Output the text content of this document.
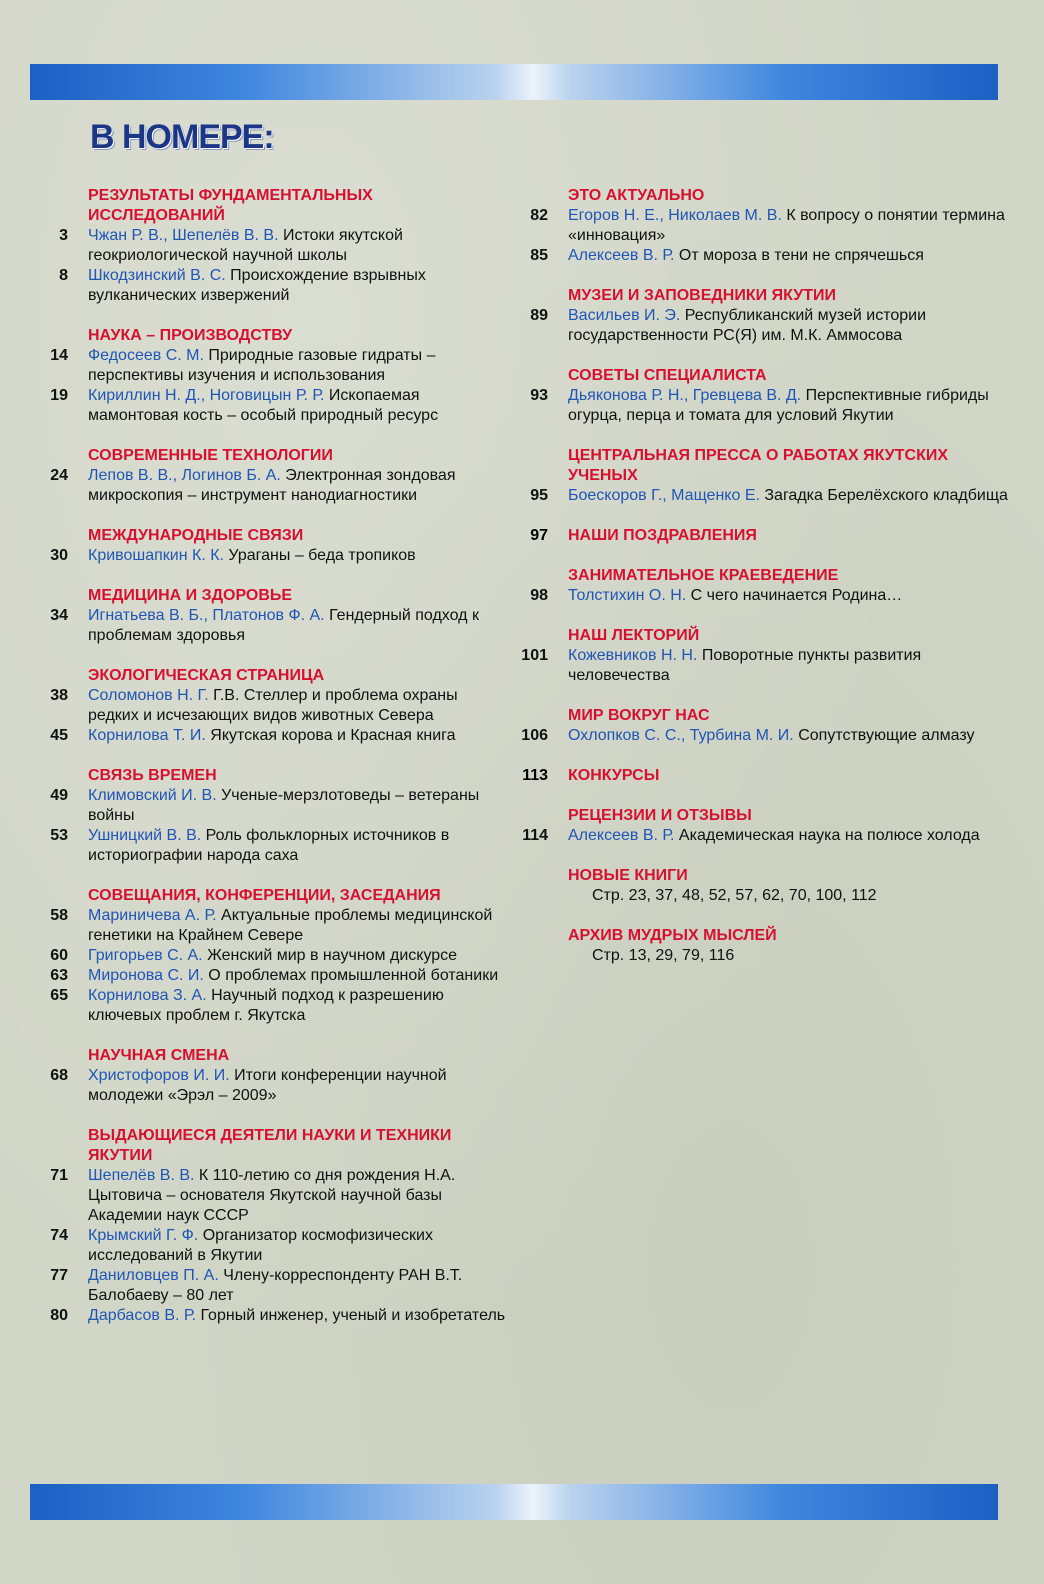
В НОМЕРЕ:
РЕЗУЛЬТАТЫ ФУНДАМЕНТАЛЬНЫХ ИССЛЕДОВАНИЙ
3 Чжан Р. В., Шепелёв В. В. Истоки якутской геокриологической научной школы
8 Шкодзинский В. С. Происхождение взрывных вулканических извержений
НАУКА – ПРОИЗВОДСТВУ
14 Федосеев С. М. Природные газовые гидраты – перспективы изучения и использования
19 Кириллин Н. Д., Ноговицын Р. Р. Ископаемая мамонтовая кость – особый природный ресурс
СОВРЕМЕННЫЕ ТЕХНОЛОГИИ
24 Лепов В. В., Логинов Б. А. Электронная зондовая микроскопия – инструмент нанодиагностики
МЕЖДУНАРОДНЫЕ СВЯЗИ
30 Кривошапкин К. К. Ураганы – беда тропиков
МЕДИЦИНА И ЗДОРОВЬЕ
34 Игнатьева В. Б., Платонов Ф. А. Гендерный подход к проблемам здоровья
ЭКОЛОГИЧЕСКАЯ СТРАНИЦА
38 Соломонов Н. Г. Г.В. Стеллер и проблема охраны редких и исчезающих видов животных Севера
45 Корнилова Т. И. Якутская корова и Красная книга
СВЯЗЬ ВРЕМЕН
49 Климовский И. В. Ученые-мерзлотоведы – ветераны войны
53 Ушницкий В. В. Роль фольклорных источников в историографии народа саха
СОВЕЩАНИЯ, КОНФЕРЕНЦИИ, ЗАСЕДАНИЯ
58 Мариничева А. Р. Актуальные проблемы медицинской генетики на Крайнем Севере
60 Григорьев С. А. Женский мир в научном дискурсе
63 Миронова С. И. О проблемах промышленной ботаники
65 Корнилова З. А. Научный подход к разрешению ключевых проблем г. Якутска
НАУЧНАЯ СМЕНА
68 Христофоров И. И. Итоги конференции научной молодежи «Эрэл – 2009»
ВЫДАЮЩИЕСЯ ДЕЯТЕЛИ НАУКИ И ТЕХНИКИ ЯКУТИИ
71 Шепелёв В. В. К 110-летию со дня рождения Н.А. Цытовича – основателя Якутской научной базы Академии наук СССР
74 Крымский Г. Ф. Организатор космофизических исследований в Якутии
77 Даниловцев П. А. Члену-корреспонденту РАН В.Т. Балобаеву – 80 лет
80 Дарбасов В. Р. Горный инженер, ученый и изобретатель
ЭТО АКТУАЛЬНО
82 Егоров Н. Е., Николаев М. В. К вопросу о понятии термина «инновация»
85 Алексеев В. Р. От мороза в тени не спрячешься
МУЗЕИ И ЗАПОВЕДНИКИ ЯКУТИИ
89 Васильев И. Э. Республиканский музей истории государственности РС(Я) им. М.К. Аммосова
СОВЕТЫ СПЕЦИАЛИСТА
93 Дьяконова Р. Н., Гревцева В. Д. Перспективные гибриды огурца, перца и томата для условий Якутии
ЦЕНТРАЛЬНАЯ ПРЕССА О РАБОТАХ ЯКУТСКИХ УЧЕНЫХ
95 Боескоров Г., Мащенко Е. Загадка Берелёхского кладбища
97 НАШИ ПОЗДРАВЛЕНИЯ
ЗАНИМАТЕЛЬНОЕ КРАЕВЕДЕНИЕ
98 Толстихин О. Н. С чего начинается Родина…
НАШ ЛЕКТОРИЙ
101 Кожевников Н. Н. Поворотные пункты развития человечества
МИР ВОКРУГ НАС
106 Охлопков С. С., Турбина М. И. Сопутствующие алмазу
113 КОНКУРСЫ
РЕЦЕНЗИИ И ОТЗЫВЫ
114 Алексеев В. Р. Академическая наука на полюсе холода
НОВЫЕ КНИГИ
Стр. 23, 37, 48, 52, 57, 62, 70, 100, 112
АРХИВ МУДРЫХ МЫСЛЕЙ
Стр. 13, 29, 79, 116
